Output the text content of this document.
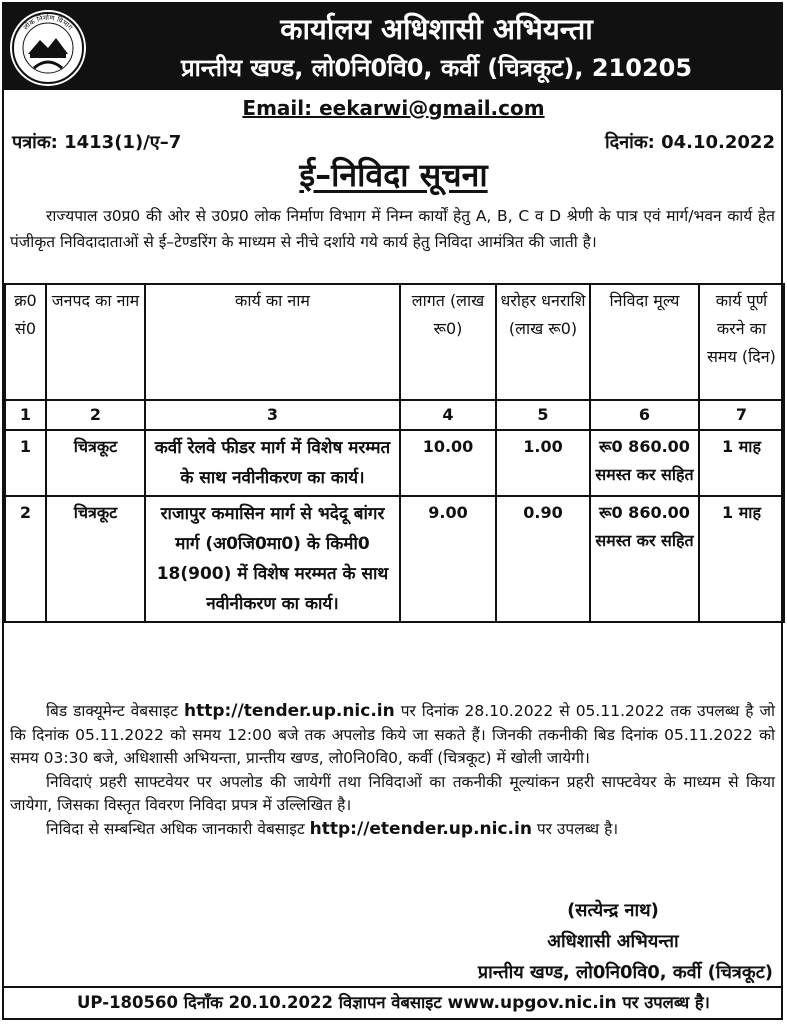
लोक निर्माण विभाग	कार्यालय अधिशासी अभियन्ता
प्रान्तीय खण्ड, लो0नि0वि0, कर्वी (चित्रकूट), 210205
Email: eekarwi@gmail.com
पत्रांक: 1413(1)/ए–7	दिनांक: 04.10.2022
ई–निविदा सूचना
राज्यपाल उ0प्र0 की ओर से उ0प्र0 लोक निर्माण विभाग में निम्न कार्यों हेतु A, B, C व D श्रेणी के पात्र एवं मार्ग/भवन कार्य हेत पंजीकृत निविदादाताओं से ई–टेण्डरिंग के माध्यम से नीचे दर्शाये गये कार्य हेतु निविदा आमंत्रित की जाती है।
क्र0 सं0	जनपद का नाम	कार्य का नाम	लागत (लाख रू0)	धरोहर धनराशि (लाख रू0)	निविदा मूल्य	कार्य पूर्ण करने का समय (दिन)
1	2	3	4	5	6	7
1	चित्रकूट	कर्वी रेलवे फीडर मार्ग में विशेष मरम्मत के साथ नवीनीकरण का कार्य।	10.00	1.00	रू0 860.00 समस्त कर सहित	1 माह
2	चित्रकूट	राजापुर कमासिन मार्ग से भदेदू बांगर मार्ग (अ0जि0मा0) के किमी0 18(900) में विशेष मरम्मत के साथ नवीनीकरण का कार्य।	9.00	0.90	रू0 860.00 समस्त कर सहित	1 माह

बिड डाक्यूमेन्ट वेबसाइट http://tender.up.nic.in पर दिनांक 28.10.2022 से 05.11.2022 तक उपलब्ध है जो कि दिनांक 05.11.2022 को समय 12:00 बजे तक अपलोड किये जा सकते हैं। जिनकी तकनीकी बिड दिनांक 05.11.2022 को समय 03:30 बजे, अधिशासी अभियन्ता, प्रान्तीय खण्ड, लो0नि0वि0, कर्वी (चित्रकूट) में खोली जायेगी।

निविदाएं प्रहरी साफ्टवेयर पर अपलोड की जायेगीं तथा निविदाओं का तकनीकी मूल्यांकन प्रहरी साफ्टवेयर के माध्यम से किया जायेगा, जिसका विस्तृत विवरण निविदा प्रपत्र में उल्लिखित है।

निविदा से सम्बन्धित अधिक जानकारी वेबसाइट http://etender.up.nic.in पर उपलब्ध है।

(सत्येन्द्र नाथ)
अधिशासी अभियन्ता
प्रान्तीय खण्ड, लो0नि0वि0, कर्वी (चित्रकूट)
UP-180560 दिनाँक 20.10.2022 विज्ञापन वेबसाइट www.upgov.nic.in पर उपलब्ध है।
